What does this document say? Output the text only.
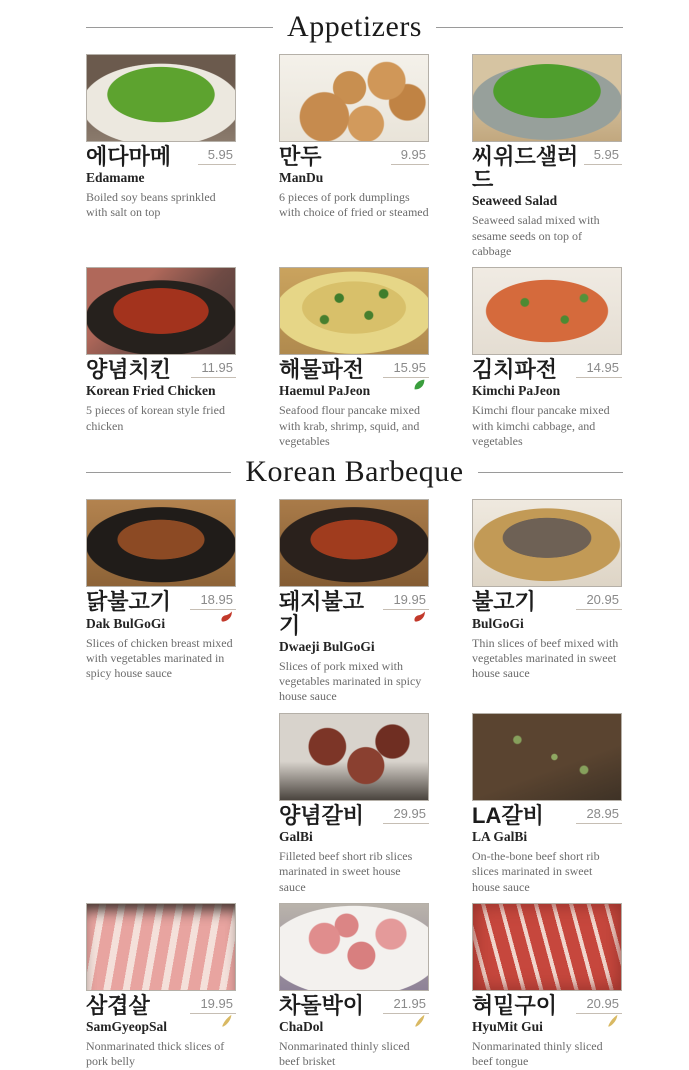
Appetizers
에다마메	5.95
Edamame
Boiled soy beans sprinkled with salt on top
만두	9.95
ManDu
6 pieces of pork dumplings with choice of fried or steamed
씨위드샐러드
5.95
Seaweed Salad
Seaweed salad mixed with sesame seeds on top of cabbage
양념치킨	11.95
Korean Fried Chicken
5 pieces of korean style fried chicken
해물파전	15.95
Haemul PaJeon
Seafood flour pancake mixed with krab, shrimp, squid, and vegetables
김치파전	14.95
Kimchi PaJeon
Kimchi flour pancake mixed with kimchi cabbage, and vegetables
Korean Barbeque
닭불고기	18.95
Dak BulGoGi
Slices of chicken breast mixed with vegetables marinated in spicy house sauce
돼지불고기
19.95
Dwaeji BulGoGi
Slices of pork mixed with vegetables marinated in spicy house sauce
불고기	20.95
BulGoGi
Thin slices of beef mixed with vegetables marinated in sweet house sauce
양념갈비	29.95
GalBi
Filleted beef short rib slices marinated in sweet house sauce
LA갈비	28.95
LA GalBi
On-the-bone beef short rib slices marinated in sweet house sauce
삼겹살	19.95
SamGyeopSal
Nonmarinated thick slices of pork belly
차돌박이	21.95
ChaDol
Nonmarinated thinly sliced beef brisket
혀밑구이	20.95
HyuMit Gui
Nonmarinated thinly sliced beef tongue
